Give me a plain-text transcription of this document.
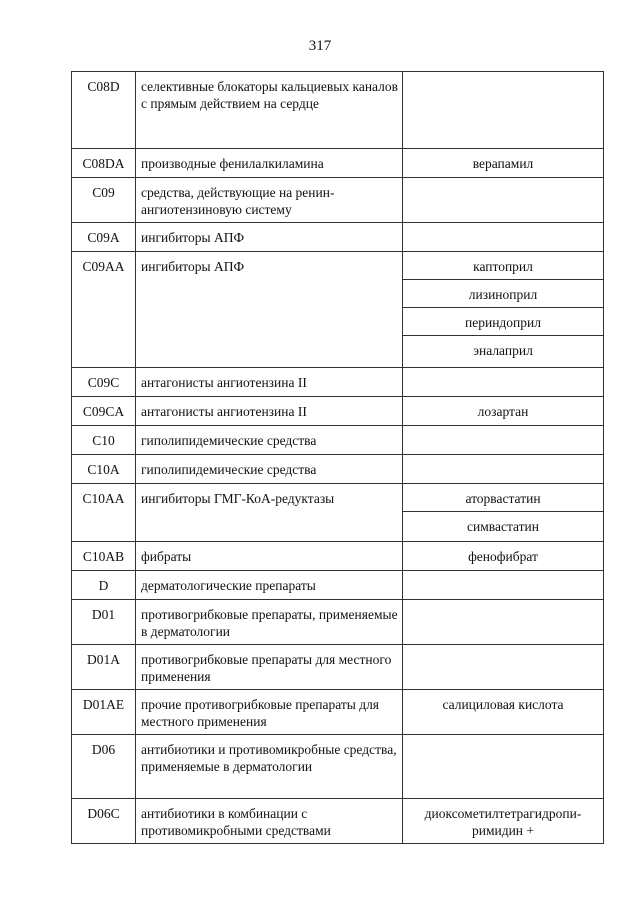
317
C08D	селективные блокаторы кальциевых каналов с прямым действием на сердце	
C08DA	производные фенилалкиламина	верапамил

C09	средства, действующие на ренин-ангиотензиновую систему	
C09A	ингибиторы АПФ	
C09AA	ингибиторы АПФ	каптоприл
лизиноприл
периндоприл
эналаприл

C09C	антагонисты ангиотензина II	
C09CA	антагонисты ангиотензина II	лозартан

C10	гиполипидемические средства	
C10A	гиполипидемические средства	
C10AA	ингибиторы ГМГ-КоА-редуктазы	аторвастатин
симвастатин

C10AB	фибраты	фенофибрат

D	дерматологические препараты	
D01	противогрибковые препараты, применяемые в дерматологии	
D01A	противогрибковые препараты для местного применения	
D01AE	прочие противогрибковые препараты для местного применения	салициловая кислота

D06	антибиотики и противомикробные средства, применяемые в дерматологии	
D06C	антибиотики в комбинации с противомикробными средствами	диоксометилтетрагидропи-римидин +
